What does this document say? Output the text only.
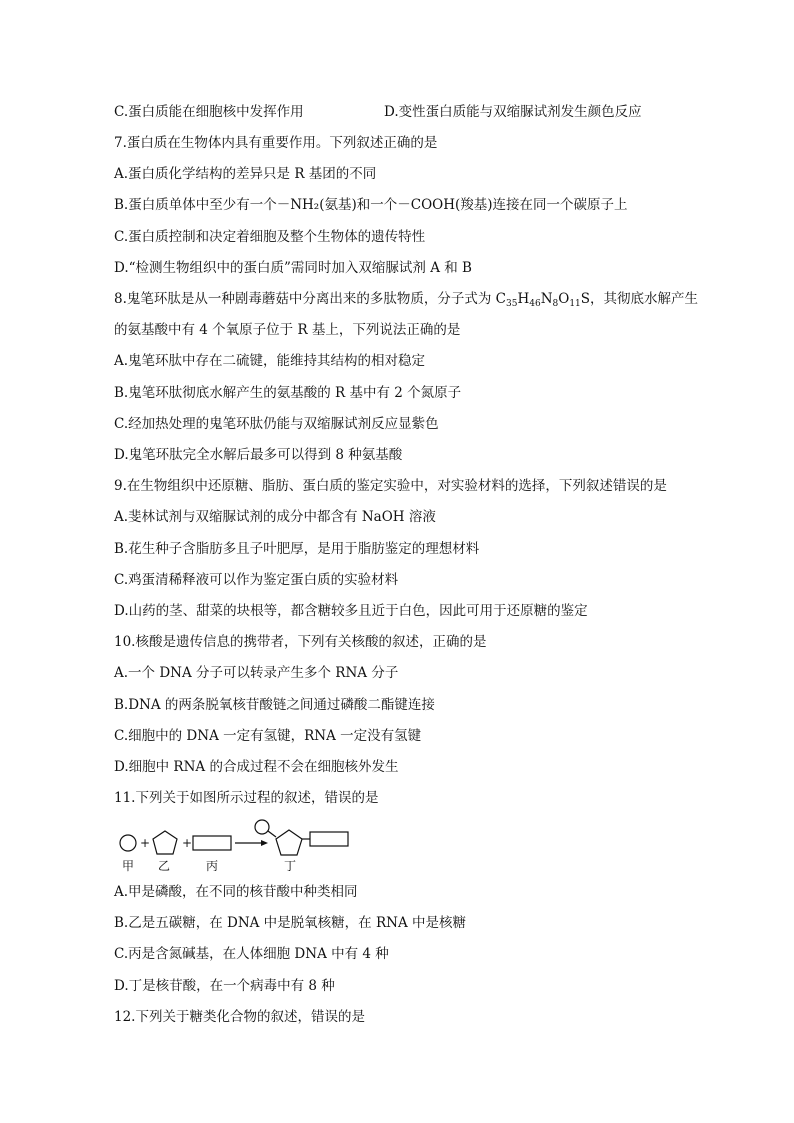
C.蛋白质能在细胞核中发挥作用	D.变性蛋白质能与双缩脲试剂发生颜色反应
7.蛋白质在生物体内具有重要作用。下列叙述正确的是
A.蛋白质化学结构的差异只是 R 基团的不同
B.蛋白质单体中至少有一个－NH₂(氨基)和一个－COOH(羧基)连接在同一个碳原子上
C.蛋白质控制和决定着细胞及整个生物体的遗传特性
D.“检测生物组织中的蛋白质”需同时加入双缩脲试剂 A 和 B
8.鬼笔环肽是从一种剧毒蘑菇中分离出来的多肽物质，分子式为 $C_{35}H_{46}N_8O_{11}S$，其彻底水解产生
的氨基酸中有 4 个氧原子位于 R 基上，下列说法正确的是
A.鬼笔环肽中存在二硫键，能维持其结构的相对稳定
B.鬼笔环肽彻底水解产生的氨基酸的 R 基中有 2 个氮原子
C.经加热处理的鬼笔环肽仍能与双缩脲试剂反应显紫色
D.鬼笔环肽完全水解后最多可以得到 8 种氨基酸
9.在生物组织中还原糖、脂肪、蛋白质的鉴定实验中，对实验材料的选择，下列叙述错误的是
A.斐林试剂与双缩脲试剂的成分中都含有 NaOH 溶液
B.花生种子含脂肪多且子叶肥厚，是用于脂肪鉴定的理想材料
C.鸡蛋清稀释液可以作为鉴定蛋白质的实验材料
D.山药的茎、甜菜的块根等，都含糖较多且近于白色，因此可用于还原糖的鉴定
10.核酸是遗传信息的携带者，下列有关核酸的叙述，正确的是
A.一个 DNA 分子可以转录产生多个 RNA 分子
B.DNA 的两条脱氧核苷酸链之间通过磷酸二酯键连接
C.细胞中的 DNA 一定有氢键，RNA 一定没有氢键
D.细胞中 RNA 的合成过程不会在细胞核外发生
11.下列关于如图所示过程的叙述，错误的是
+	+
甲 乙	丙	丁
A.甲是磷酸，在不同的核苷酸中种类相同
B.乙是五碳糖，在 DNA 中是脱氧核糖，在 RNA 中是核糖
C.丙是含氮碱基，在人体细胞 DNA 中有 4 种
D.丁是核苷酸，在一个病毒中有 8 种
12.下列关于糖类化合物的叙述，错误的是
